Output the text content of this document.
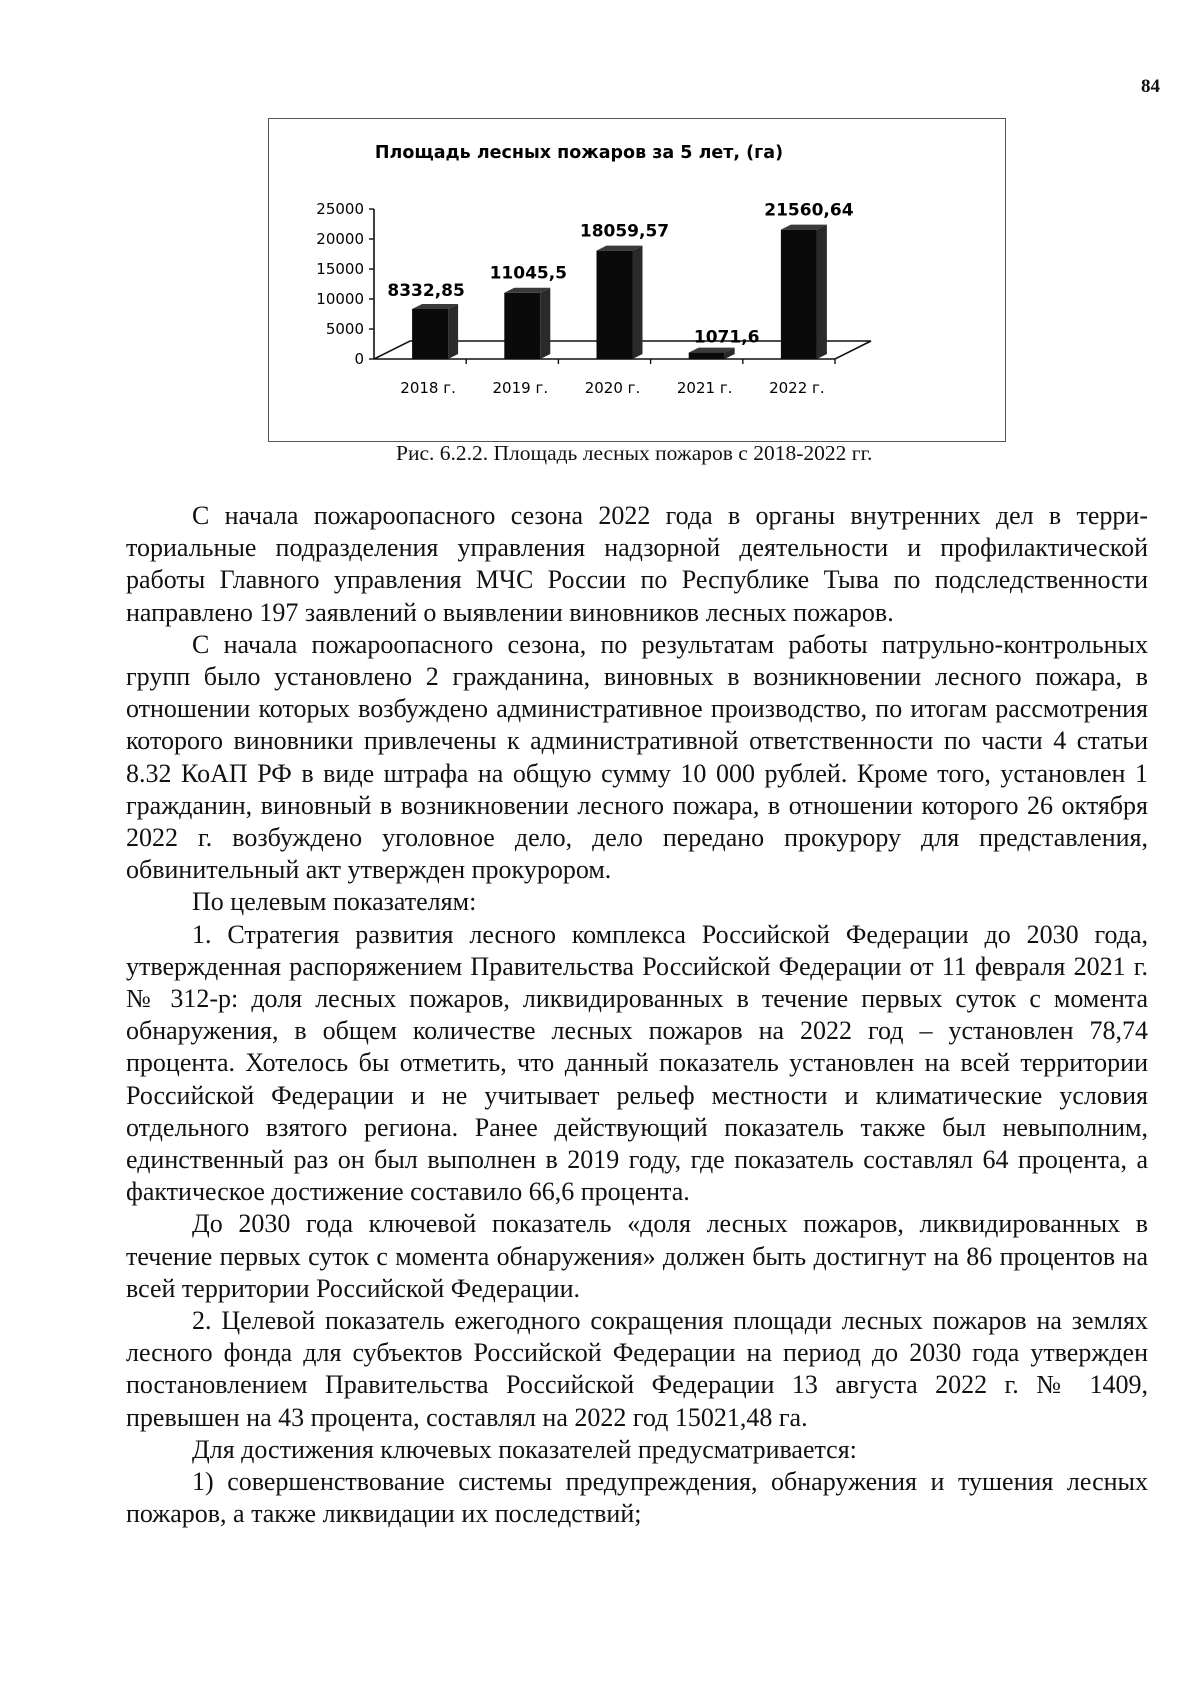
84
Площадь лесных пожаров за 5 лет, (га)
0
5000
10000
15000
20000
25000
2018 г. 2019 г. 2020 г. 2021 г. 2022 г.
8332,85
11045,5
18059,57
1071,6
21560,64
Рис. 6.2.2. Площадь лесных пожаров с 2018-2022 гг.

С начала пожароопасного сезона 2022 года в органы внутренних дел в территориальные подразделения управления надзорной деятельности и профилактической работы Главного управления МЧС России по Республике Тыва по подследственности направлено 197 заявлений о выявлении виновников лесных пожаров.

С начала пожароопасного сезона, по результатам работы патрульно-контрольных групп было установлено 2 гражданина, виновных в возникновении лесного пожара, в отношении которых возбуждено административное производство, по итогам рассмотрения которого виновники привлечены к административной ответственности по части 4 статьи 8.32 КоАП РФ в виде штрафа на общую сумму 10 000 рублей. Кроме того, установлен 1 гражданин, виновный в возникновении лесного пожара, в отношении которого 26 октября 2022 г. возбуждено уголовное дело, дело передано прокурору для представления, обвинительный акт утвержден прокурором.

По целевым показателям:

1. Стратегия развития лесного комплекса Российской Федерации до 2030 года, утвержденная распоряжением Правительства Российской Федерации от 11 февраля 2021 г. № 312-р: доля лесных пожаров, ликвидированных в течение первых суток с момента обнаружения, в общем количестве лесных пожаров на 2022 год – установлен 78,74 процента. Хотелось бы отметить, что данный показатель установлен на всей территории Российской Федерации и не учитывает рельеф местности и климатические условия отдельного взятого региона. Ранее действующий показатель также был невыполним, единственный раз он был выполнен в 2019 году, где показатель составлял 64 процента, а фактическое достижение составило 66,6 процента.

До 2030 года ключевой показатель «доля лесных пожаров, ликвидированных в течение первых суток с момента обнаружения» должен быть достигнут на 86 процентов на всей территории Российской Федерации.

2. Целевой показатель ежегодного сокращения площади лесных пожаров на землях лесного фонда для субъектов Российской Федерации на период до 2030 года утвержден постановлением Правительства Российской Федерации 13 августа 2022 г. № 1409, превышен на 43 процента, составлял на 2022 год 15021,48 га.

Для достижения ключевых показателей предусматривается:

1) совершенствование системы предупреждения, обнаружения и тушения лесных пожаров, а также ликвидации их последствий;
